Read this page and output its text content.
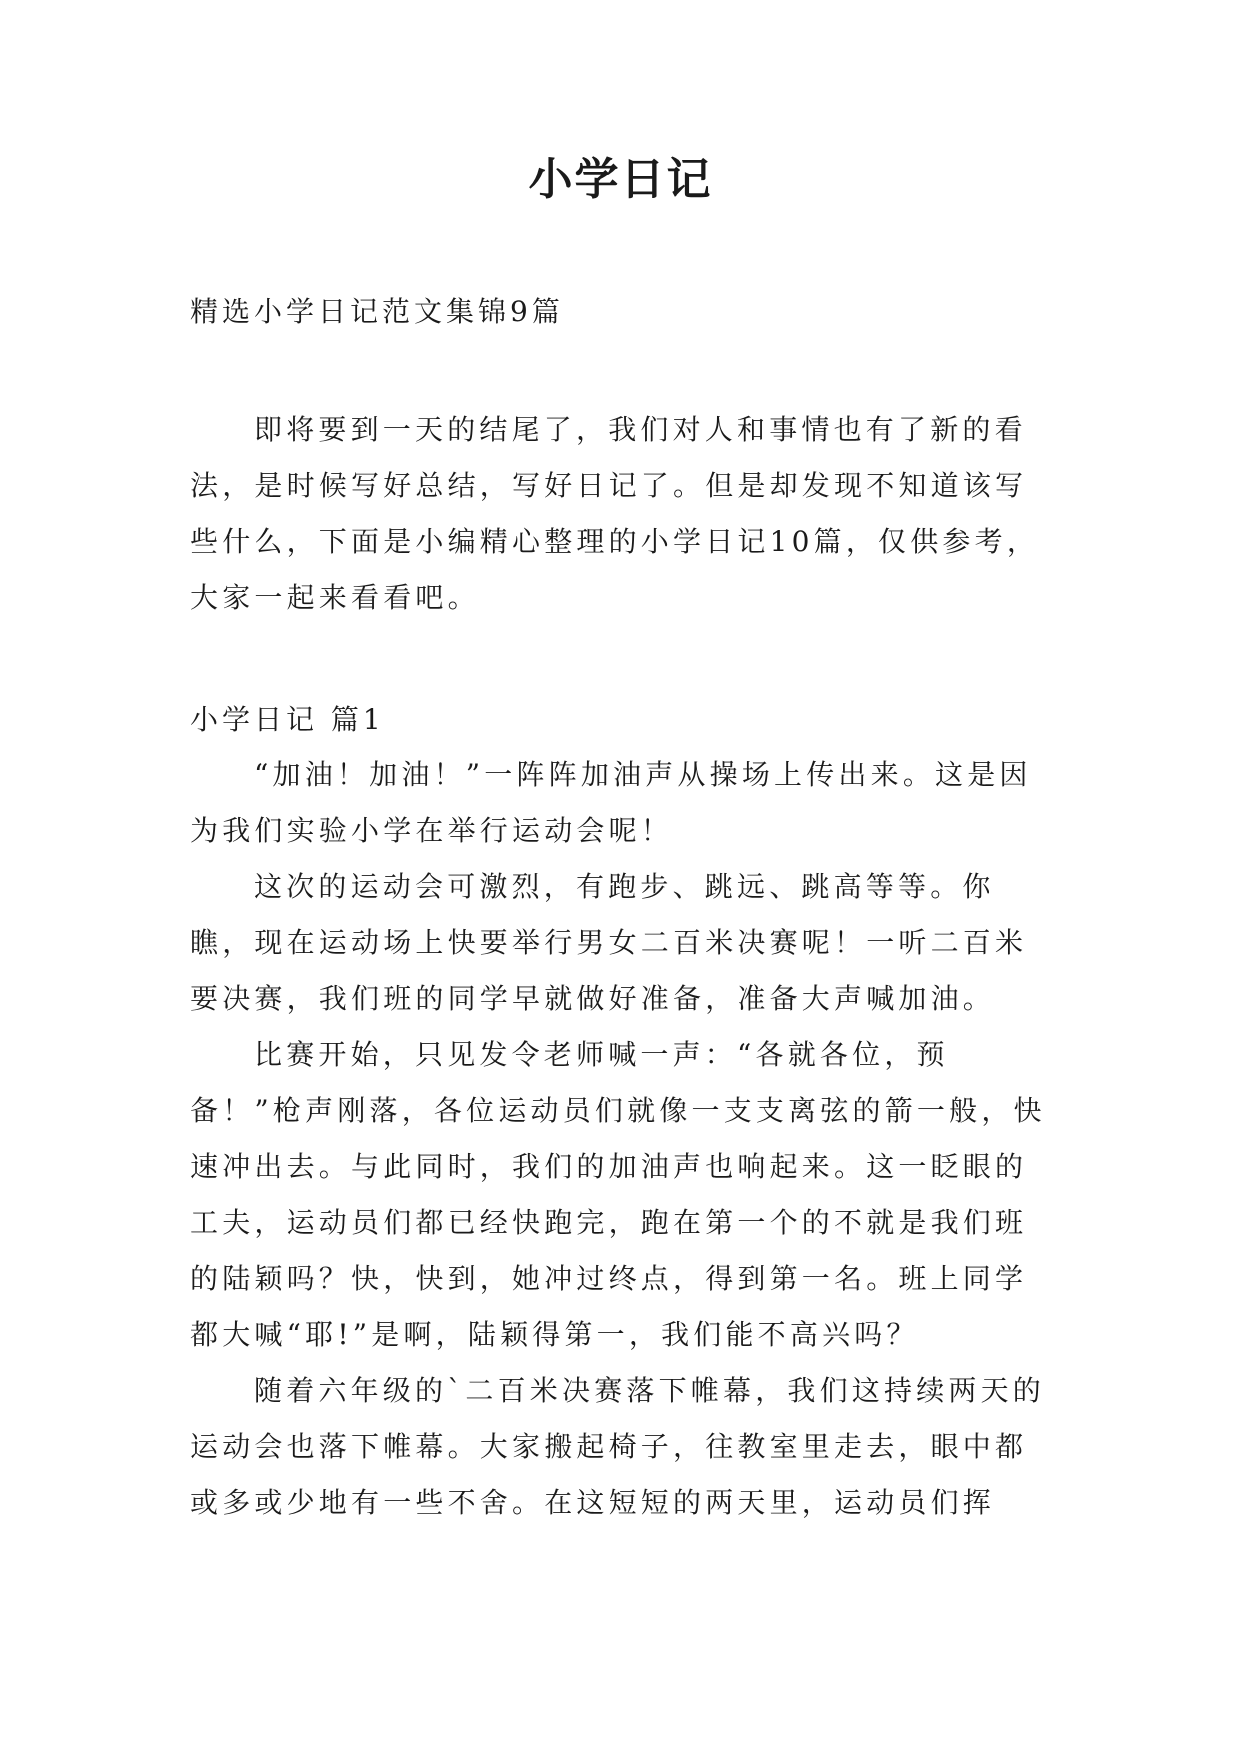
小学日记

精选小学日记范文集锦9篇

即将要到一天的结尾了，我们对人和事情也有了新的看法，是时候写好总结，写好日记了。但是却发现不知道该写些什么，下面是小编精心整理的小学日记10篇，仅供参考，大家一起来看看吧。

小学日记 篇1

“加油！加油！”一阵阵加油声从操场上传出来。这是因为我们实验小学在举行运动会呢！

这次的运动会可激烈，有跑步、跳远、跳高等等。你瞧，现在运动场上快要举行男女二百米决赛呢！一听二百米要决赛，我们班的同学早就做好准备，准备大声喊加油。

比赛开始，只见发令老师喊一声：“各就各位，预备！”枪声刚落，各位运动员们就像一支支离弦的箭一般，快速冲出去。与此同时，我们的加油声也响起来。这一眨眼的工夫，运动员们都已经快跑完，跑在第一个的不就是我们班的陆颖吗？快，快到，她冲过终点，得到第一名。班上同学都大喊“耶!”是啊，陆颖得第一，我们能不高兴吗？

随着六年级的`二百米决赛落下帷幕，我们这持续两天的运动会也落下帷幕。大家搬起椅子，往教室里走去，眼中都或多或少地有一些不舍。在这短短的两天里，运动员们挥
